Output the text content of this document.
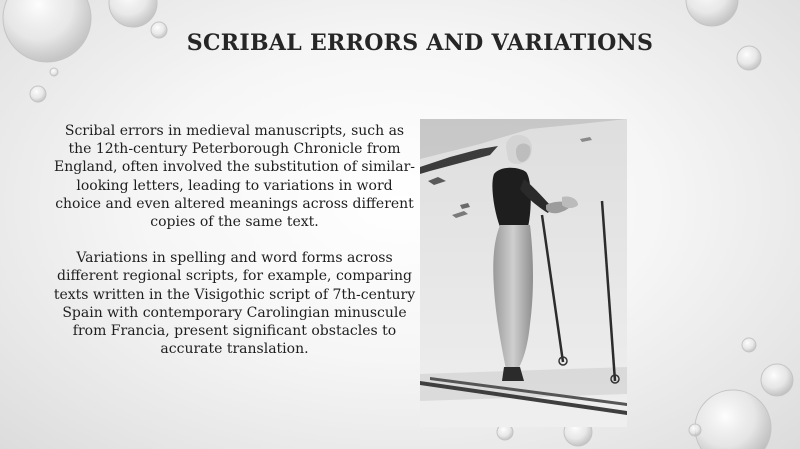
SCRIBAL ERRORS AND VARIATIONS

Scribal errors in medieval manuscripts, such as the 12th-century Peterborough Chronicle from England, often involved the substitution of similar-looking letters, leading to variations in word choice and even altered meanings across different copies of the same text.

Variations in spelling and word forms across different regional scripts, for example, comparing texts written in the Visigothic script of 7th-century Spain with contemporary Carolingian minuscule from Francia, present significant obstacles to accurate translation.
